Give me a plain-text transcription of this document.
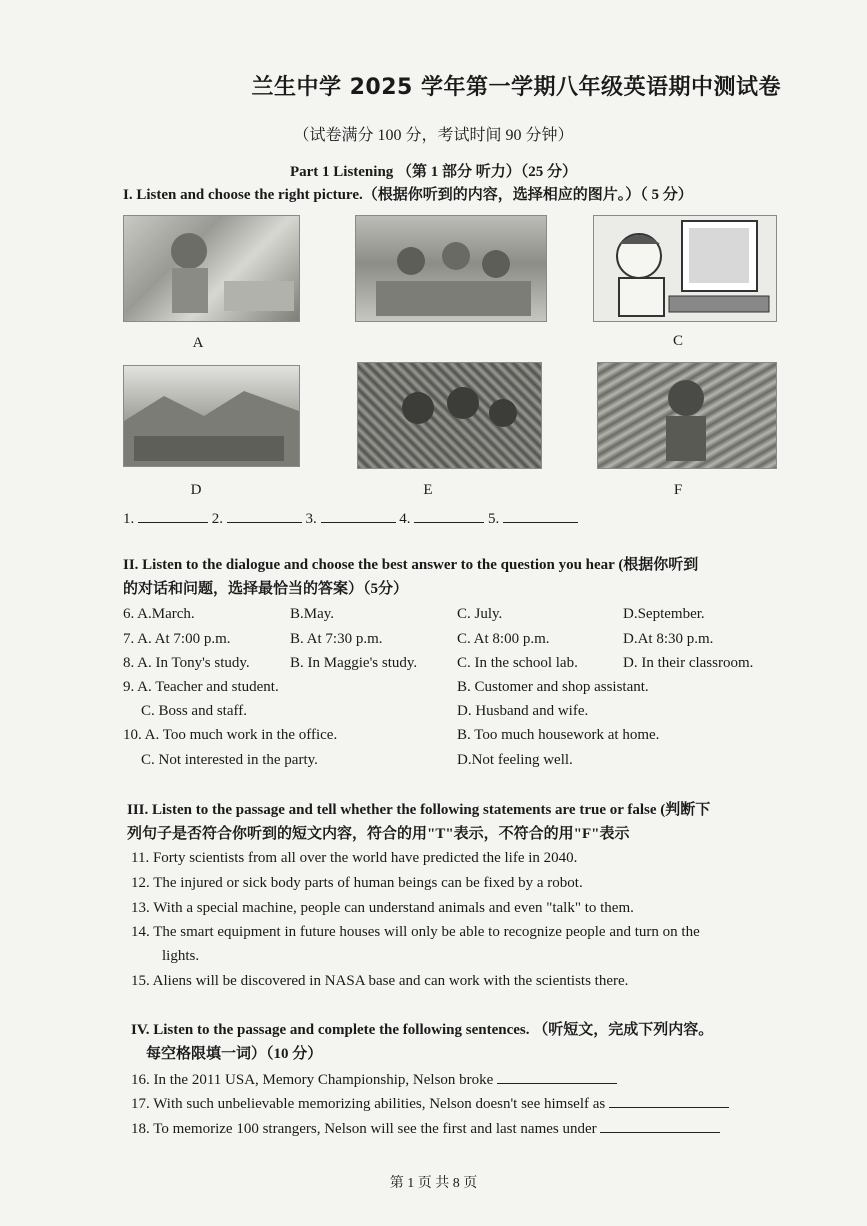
兰生中学 2025 学年第一学期八年级英语期中测试卷
（试卷满分 100 分，考试时间 90 分钟）
Part 1 Listening （第 1 部分 听力）（25 分）
I. Listen and choose the right picture.（根据你听到的内容，选择相应的图片。）（ 5 分）
A	C
D	E	F
1.	2.	3.	4.	5.
II. Listen to the dialogue and choose the best answer to the question you hear (根据你听到
的对话和问题，选择最恰当的答案）（5分）
6. A.March.	B.May.	C. July.	D.September.
7. A. At 7:00 p.m.	B. At 7:30 p.m.	C. At 8:00 p.m.	D.At 8:30 p.m.
8. A. In Tony's study.	B. In Maggie's study.	C. In the school lab.	D. In their classroom.
9. A. Teacher and student.	B. Customer and shop assistant.
C. Boss and staff.	D. Husband and wife.
10. A. Too much work in the office.	B. Too much housework at home.
C. Not interested in the party.	D.Not feeling well.
III. Listen to the passage and tell whether the following statements are true or false (判断下
列句子是否符合你听到的短文内容，符合的用"T"表示，不符合的用"F"表示
11. Forty scientists from all over the world have predicted the life in 2040.
12. The injured or sick body parts of human beings can be fixed by a robot.
13. With a special machine, people can understand animals and even "talk" to them.
14. The smart equipment in future houses will only be able to recognize people and turn on the
lights.
15. Aliens will be discovered in NASA base and can work with the scientists there.
IV. Listen to the passage and complete the following sentences. （听短文，完成下列内容。
每空格限填一词）（10 分）
16. In the 2011 USA, Memory Championship, Nelson broke
17. With such unbelievable memorizing abilities, Nelson doesn't see himself as
18. To memorize 100 strangers, Nelson will see the first and last names under
第 1 页 共 8 页
